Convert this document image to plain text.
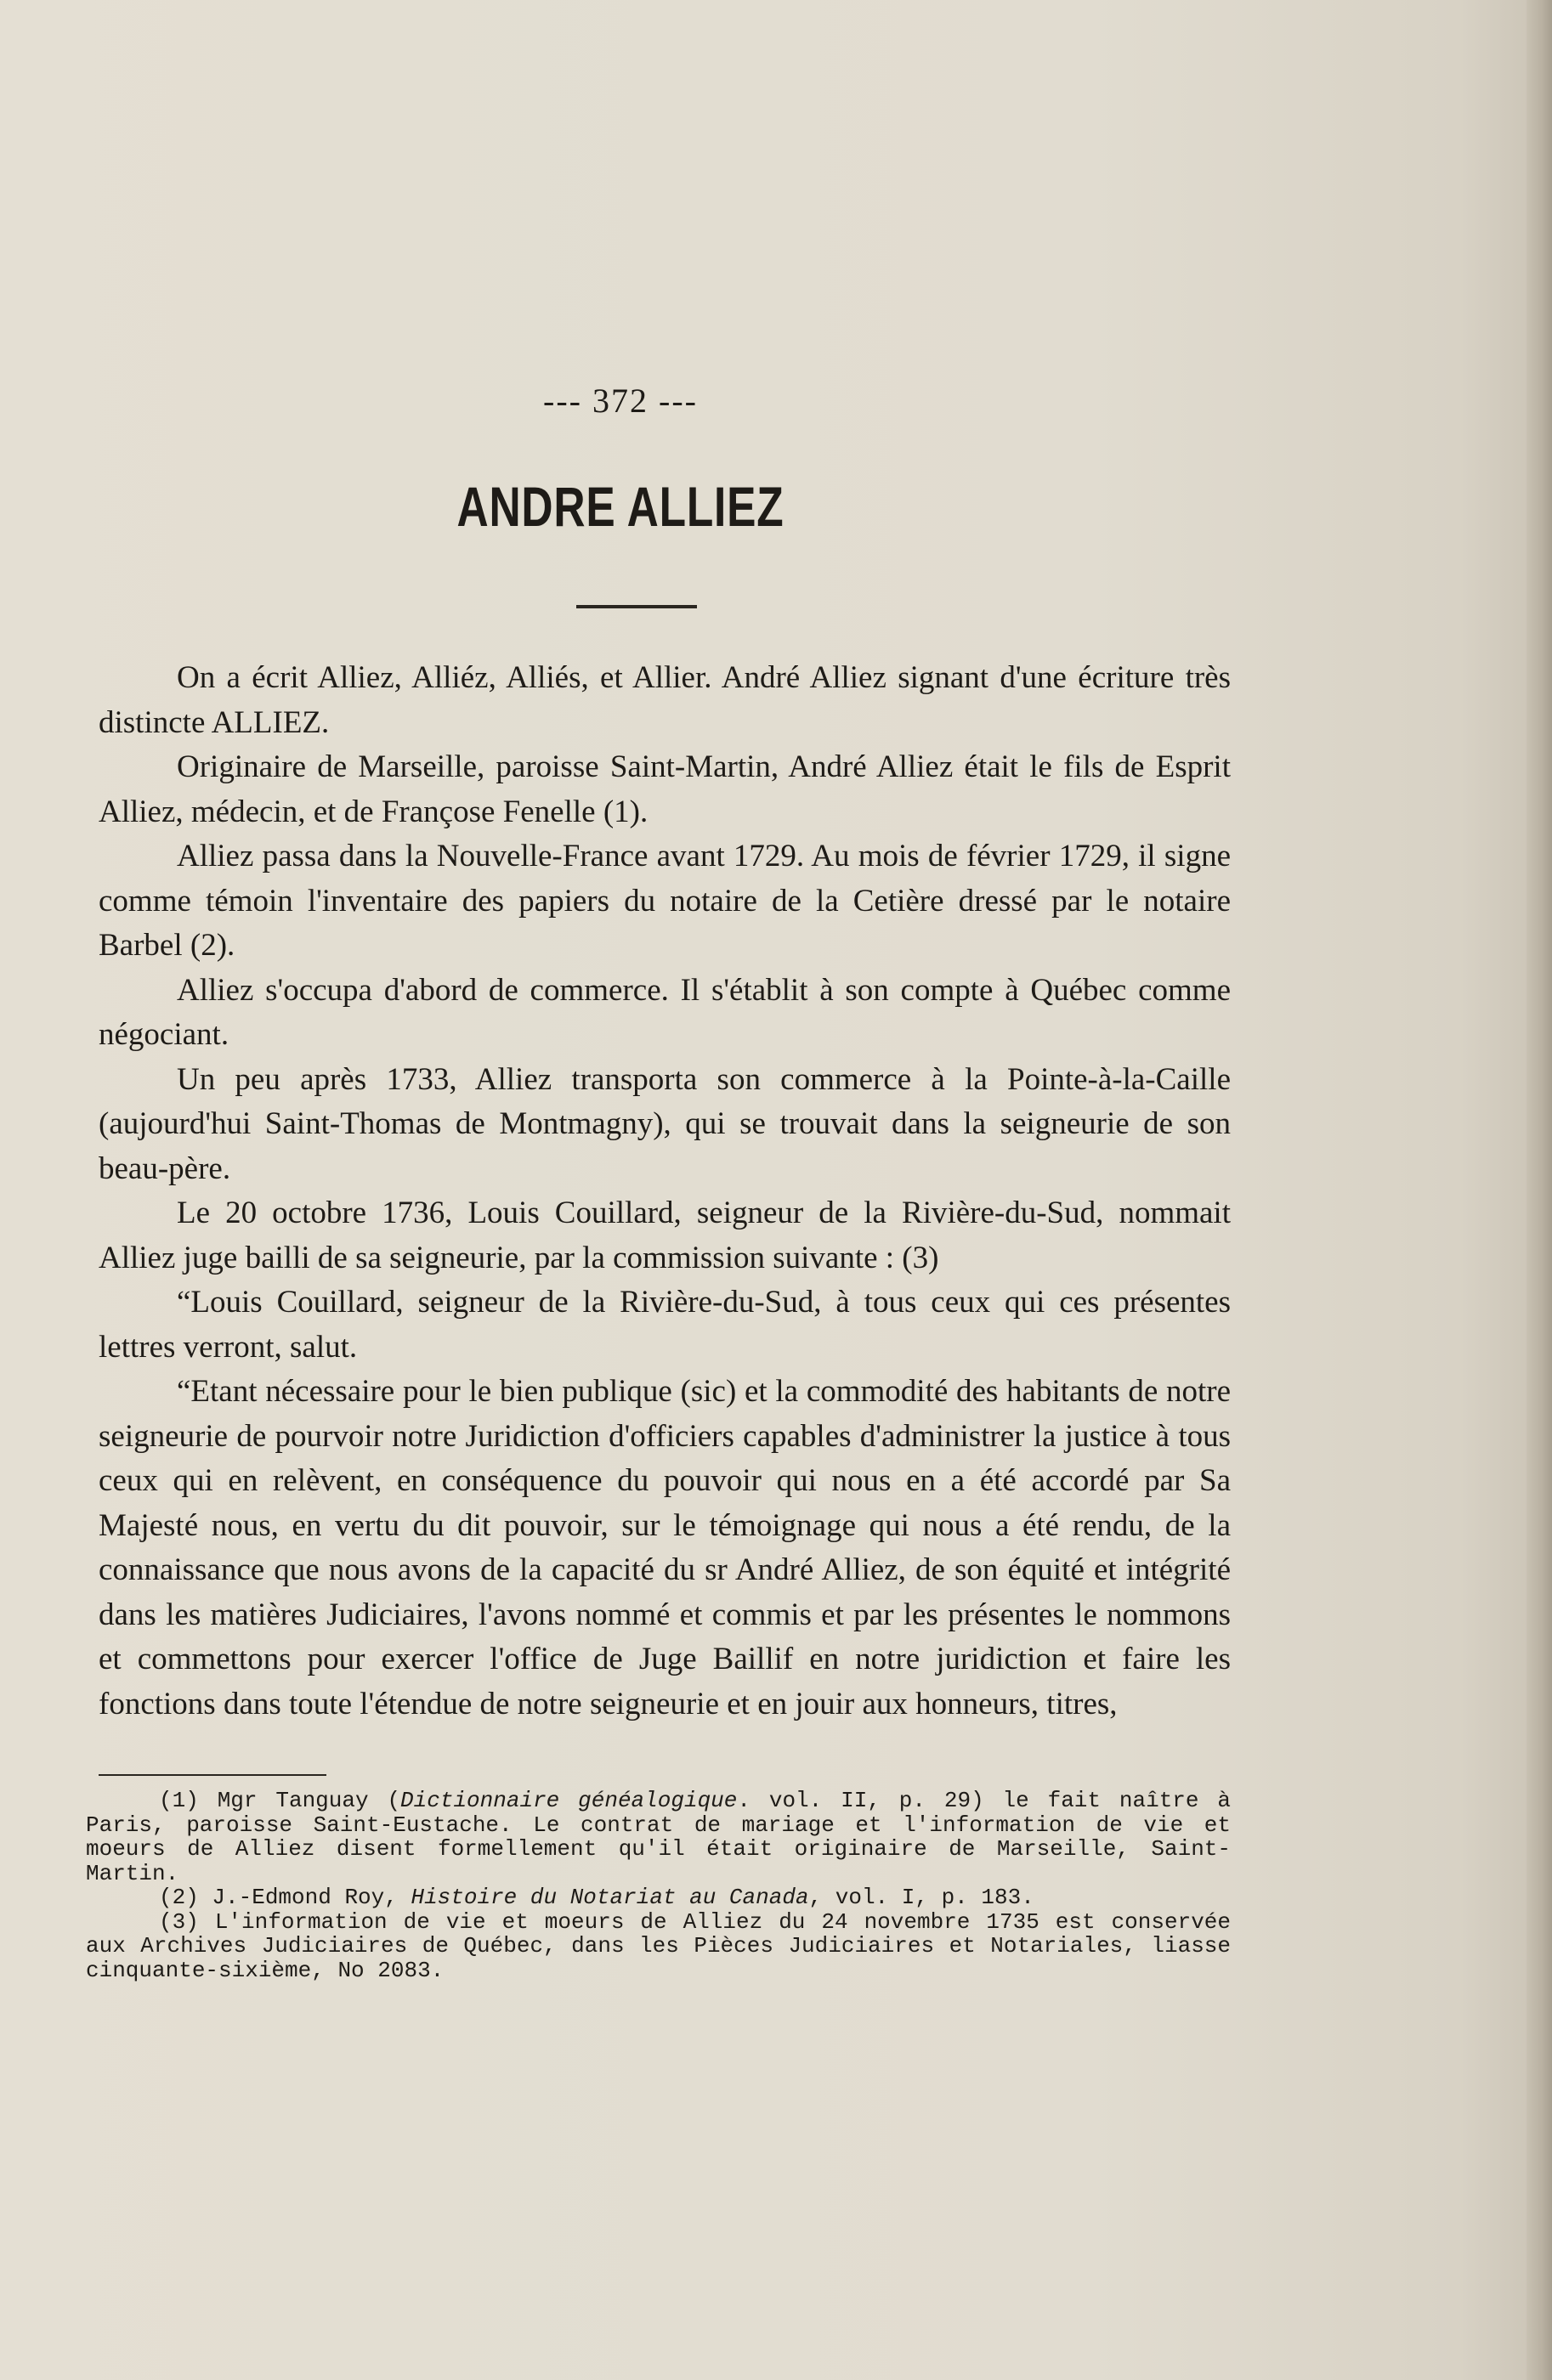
--- 372 ---
ANDRE ALLIEZ

On a écrit Alliez, Alliéz, Alliés, et Allier. André Alliez signant d'une écriture très distincte ALLIEZ.

Originaire de Marseille, paroisse Saint-Martin, André Alliez était le fils de Esprit Alliez, médecin, et de Françose Fenelle (1).

Alliez passa dans la Nouvelle-France avant 1729. Au mois de février 1729, il signe comme témoin l'inventaire des papiers du notaire de la Cetière dressé par le notaire Barbel (2).

Alliez s'occupa d'abord de commerce. Il s'établit à son compte à Québec comme négociant.

Un peu après 1733, Alliez transporta son commerce à la Pointe-à-la-Caille (aujourd'hui Saint-Thomas de Montmagny), qui se trouvait dans la seigneurie de son beau-père.

Le 20 octobre 1736, Louis Couillard, seigneur de la Rivière-du-Sud, nommait Alliez juge bailli de sa seigneurie, par la commission suivante : (3)

“Louis Couillard, seigneur de la Rivière-du-Sud, à tous ceux qui ces présentes lettres verront, salut.

“Etant nécessaire pour le bien publique (sic) et la commodité des habitants de notre seigneurie de pourvoir notre Juridiction d'officiers capables d'administrer la justice à tous ceux qui en relèvent, en conséquence du pouvoir qui nous en a été accordé par Sa Majesté nous, en vertu du dit pouvoir, sur le témoignage qui nous a été rendu, de la connaissance que nous avons de la capacité du sr André Alliez, de son équité et intégrité dans les matières Judiciaires, l'avons nommé et commis et par les présentes le nommons et commettons pour exercer l'office de Juge Baillif en notre juridiction et faire les fonctions dans toute l'étendue de notre seigneurie et en jouir aux honneurs, titres,

(1) Mgr Tanguay (Dictionnaire généalogique. vol. II, p. 29) le fait naître à Paris, paroisse Saint-Eustache. Le contrat de mariage et l'information de vie et moeurs de Alliez disent formellement qu'il était originaire de Marseille, Saint-Martin.

(2) J.-Edmond Roy, Histoire du Notariat au Canada, vol. I, p. 183.

(3) L'information de vie et moeurs de Alliez du 24 novembre 1735 est conservée aux Archives Judiciaires de Québec, dans les Pièces Judiciaires et Notariales, liasse cinquante-sixième, No 2083.
